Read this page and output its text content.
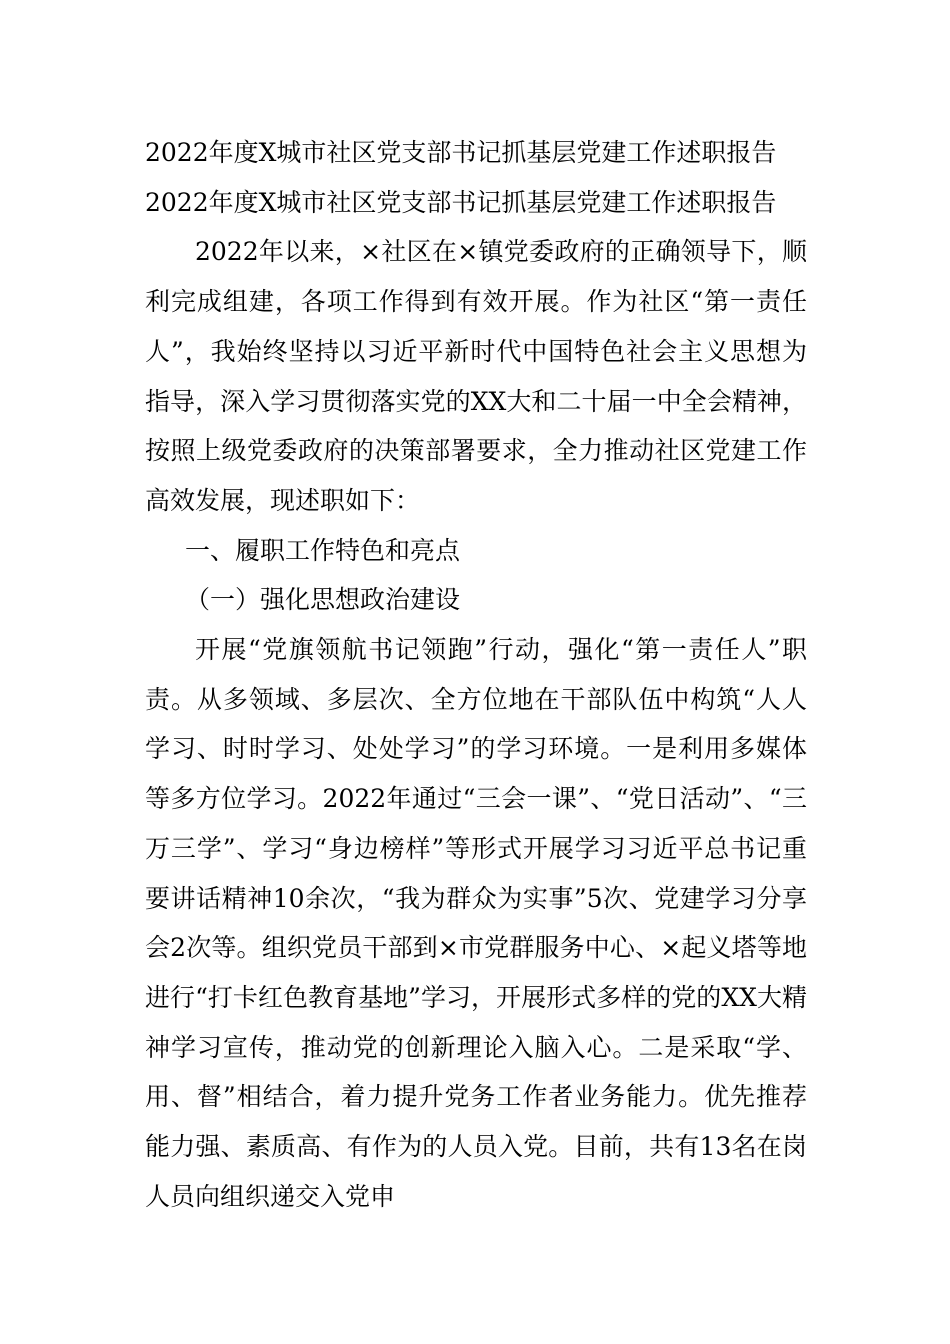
2022年度X城市社区党支部书记抓基层党建工作述职报告

2022年度X城市社区党支部书记抓基层党建工作述职报告

2022年以来，×社区在×镇党委政府的正确领导下，顺利完成组建，各项工作得到有效开展。作为社区“第一责任人”，我始终坚持以习近平新时代中国特色社会主义思想为指导，深入学习贯彻落实党的XX大和二十届一中全会精神，按照上级党委政府的决策部署要求，全力推动社区党建工作高效发展，现述职如下：

一、履职工作特色和亮点

（一）强化思想政治建设

开展“党旗领航书记领跑”行动，强化“第一责任人”职责。从多领域、多层次、全方位地在干部队伍中构筑“人人学习、时时学习、处处学习”的学习环境。一是利用多媒体等多方位学习。2022年通过“三会一课”、“党日活动”、“三万三学”、学习“身边榜样”等形式开展学习习近平总书记重要讲话精神10余次，“我为群众为实事”5次、党建学习分享会2次等。组织党员干部到×市党群服务中心、×起义塔等地进行“打卡红色教育基地”学习，开展形式多样的党的XX大精神学习宣传，推动党的创新理论入脑入心。二是采取“学、用、督”相结合，着力提升党务工作者业务能力。优先推荐能力强、素质高、有作为的人员入党。目前，共有13名在岗人员向组织递交入党申
